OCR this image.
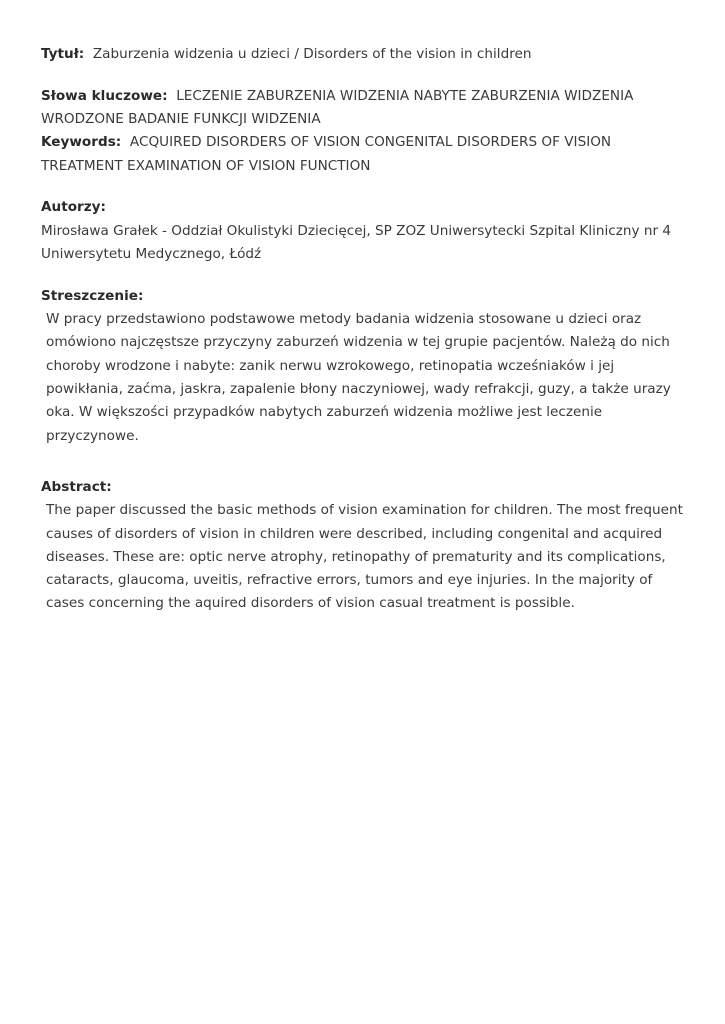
Tytuł: Zaburzenia widzenia u dzieci / Disorders of the vision in children

Słowa kluczowe: LECZENIE ZABURZENIA WIDZENIA NABYTE ZABURZENIA WIDZENIA WRODZONE BADANIE FUNKCJI WIDZENIA

Keywords: ACQUIRED DISORDERS OF VISION CONGENITAL DISORDERS OF VISION TREATMENT EXAMINATION OF VISION FUNCTION

Autorzy:

Mirosława Grałek - Oddział Okulistyki Dziecięcej, SP ZOZ Uniwersytecki Szpital Kliniczny nr 4 Uniwersytetu Medycznego, Łódź

Streszczenie:

W pracy przedstawiono podstawowe metody badania widzenia stosowane u dzieci oraz omówiono najczęstsze przyczyny zaburzeń widzenia w tej grupie pacjentów. Należą do nich choroby wrodzone i nabyte: zanik nerwu wzrokowego, retinopatia wcześniaków i jej powikłania, zaćma, jaskra, zapalenie błony naczyniowej, wady refrakcji, guzy, a także urazy oka. W większości przypadków nabytych zaburzeń widzenia możliwe jest leczenie przyczynowe.

Abstract:

The paper discussed the basic methods of vision examination for children. The most frequent causes of disorders of vision in children were described, including congenital and acquired diseases. These are: optic nerve atrophy, retinopathy of prematurity and its complications, cataracts, glaucoma, uveitis, refractive errors, tumors and eye injuries. In the majority of cases concerning the aquired disorders of vision casual treatment is possible.
